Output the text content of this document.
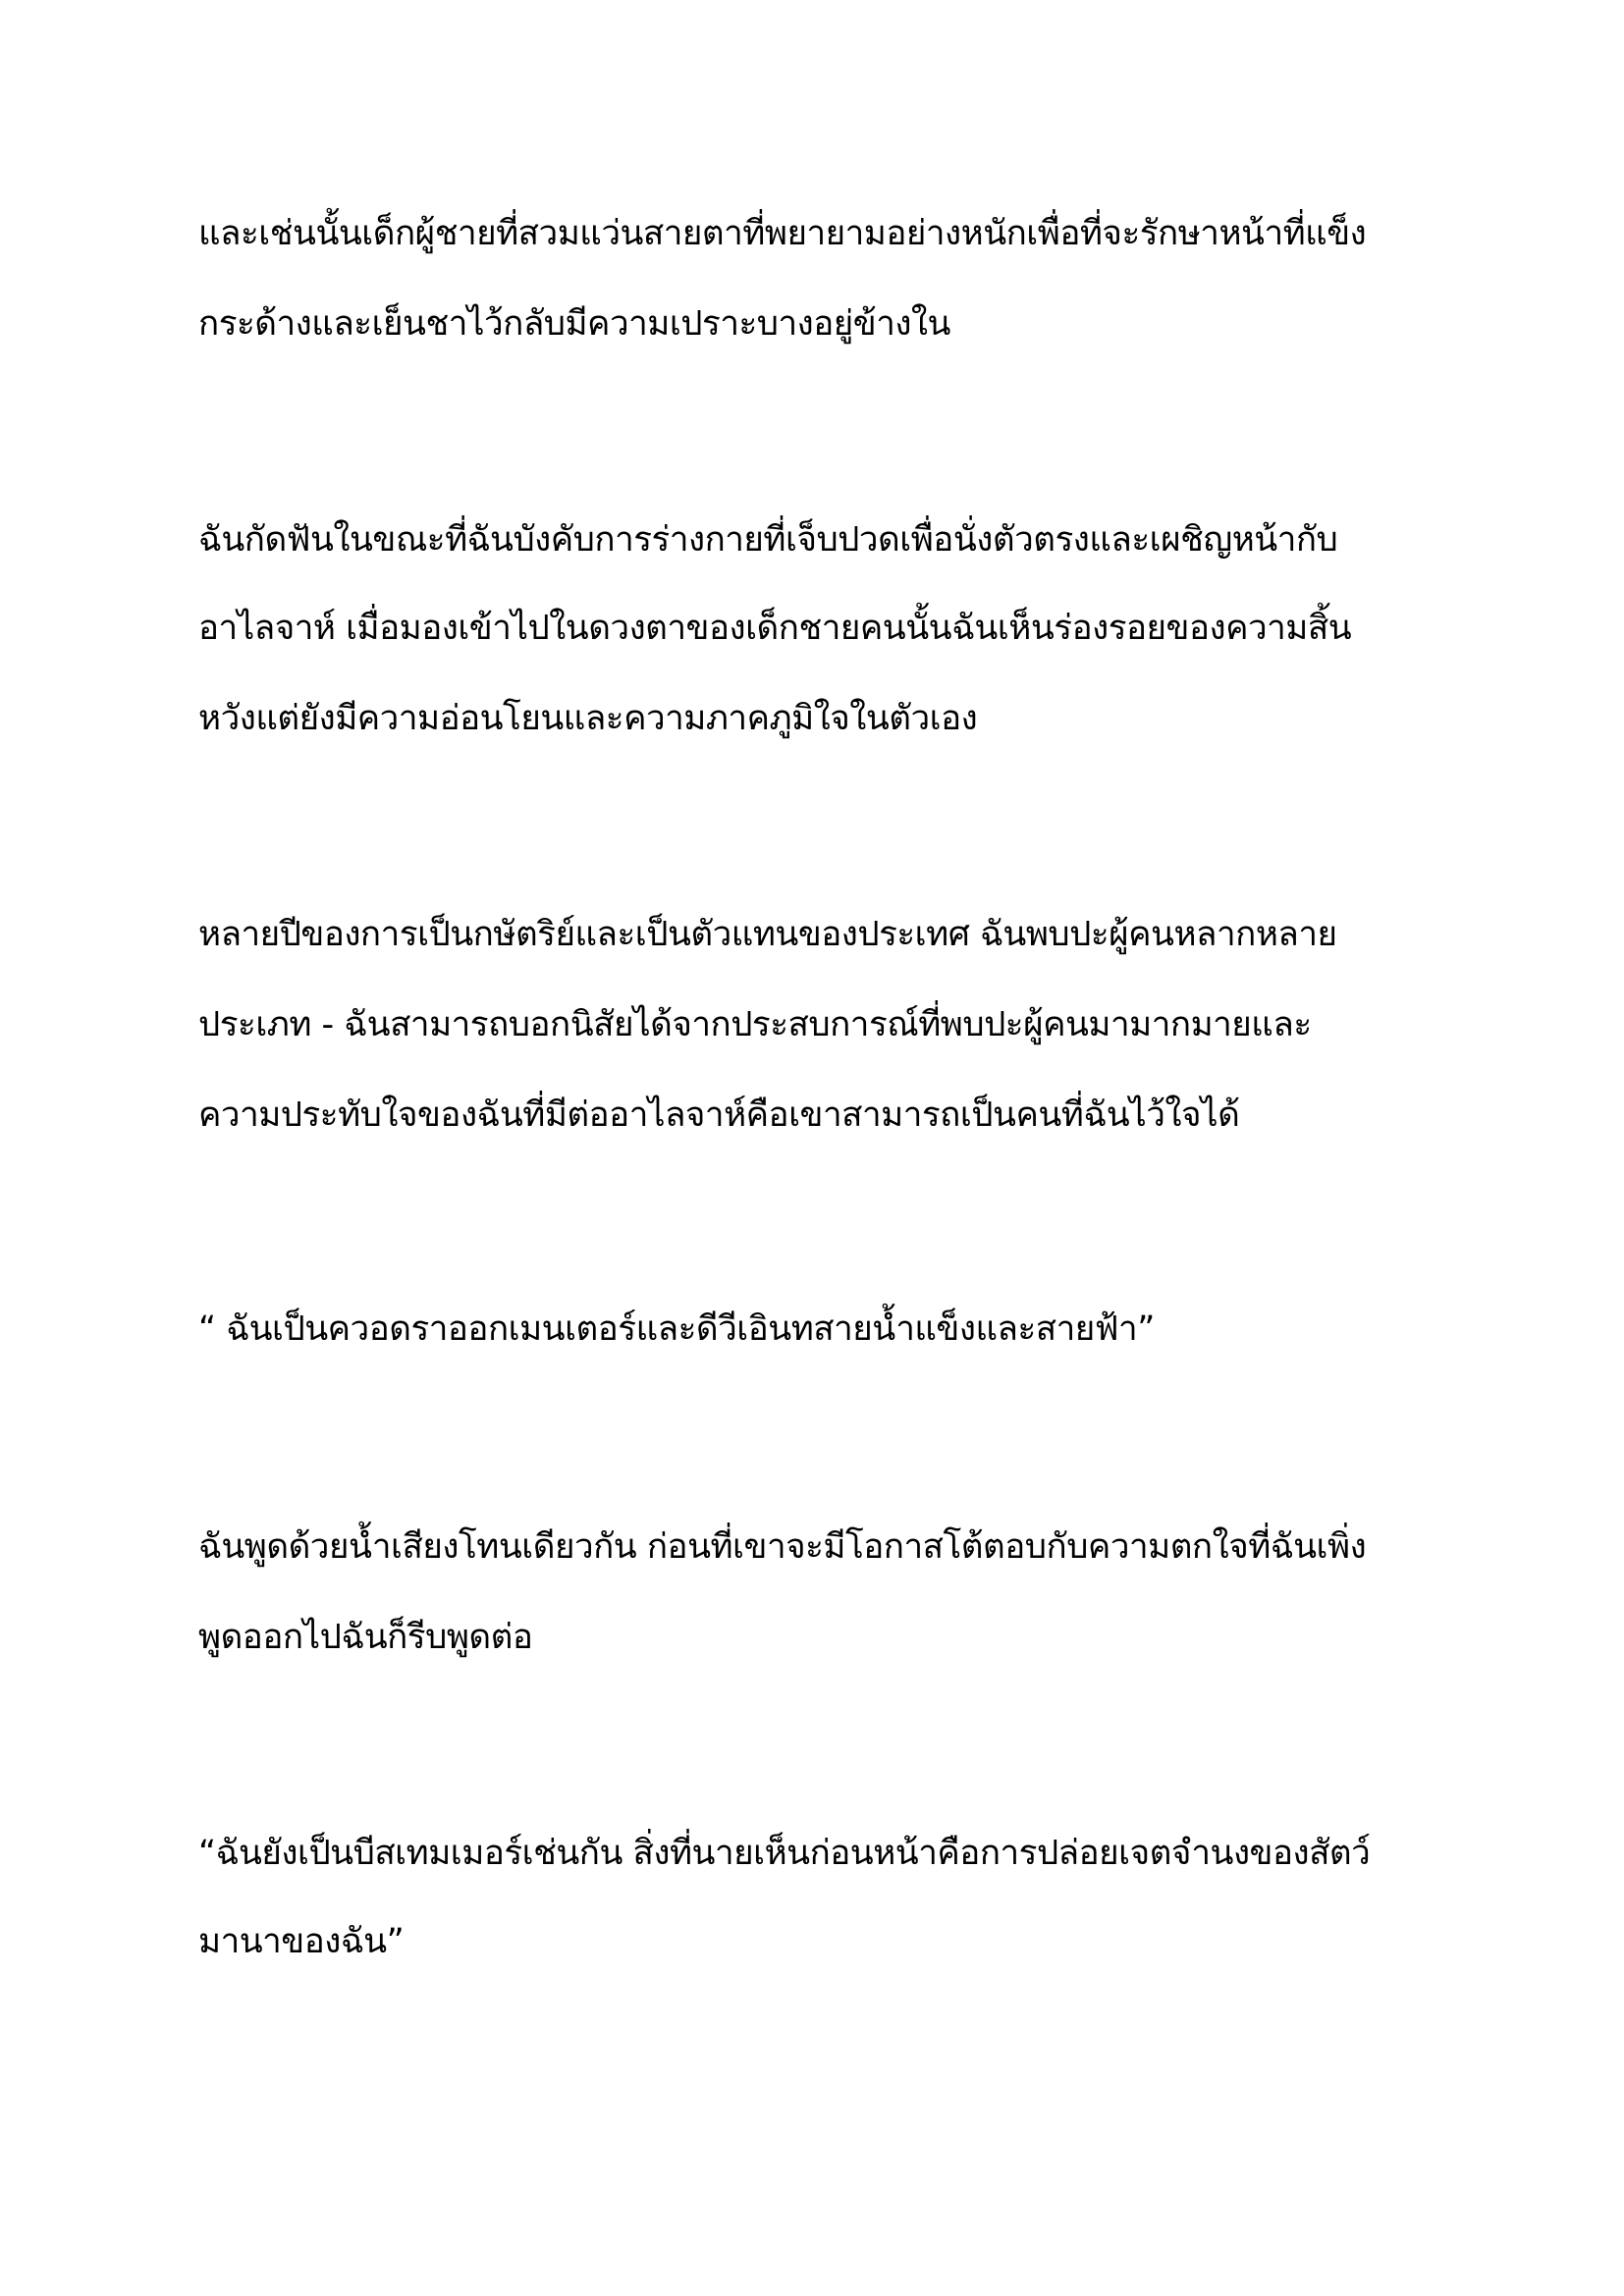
และเช่นนั้นเด็กผู้ชายที่สวมแว่นสายตาที่พยายามอย่างหนักเพื่อที่จะรักษาหน้าที่แข็ง
กระด้างและเย็นชาไว้กลับมีความเปราะบางอยู่ข้างใน
ฉันกัดฟันในขณะที่ฉันบังคับการร่างกายที่เจ็บปวดเพื่อนั่งตัวตรงและเผชิญหน้ากับ
อาไลจาห์ เมื่อมองเข้าไปในดวงตาของเด็กชายคนนั้นฉันเห็นร่องรอยของความสิ้น
หวังแต่ยังมีความอ่อนโยนและความภาคภูมิใจในตัวเอง
หลายปีของการเป็นกษัตริย์และเป็นตัวแทนของประเทศ ฉันพบปะผู้คนหลากหลาย
ประเภท - ฉันสามารถบอกนิสัยได้จากประสบการณ์ที่พบปะผู้คนมามากมายและ
ความประทับใจของฉันที่มีต่ออาไลจาห์คือเขาสามารถเป็นคนที่ฉันไว้ใจได้
“ ฉันเป็นควอดราออกเมนเตอร์และดีวีเอินทสายน้ำแข็งและสายฟ้า”
ฉันพูดด้วยน้ำเสียงโทนเดียวกัน ก่อนที่เขาจะมีโอกาสโต้ตอบกับความตกใจที่ฉันเพิ่ง
พูดออกไปฉันก็รีบพูดต่อ
“ฉันยังเป็นบีสเทมเมอร์เช่นกัน สิ่งที่นายเห็นก่อนหน้าคือการปล่อยเจตจำนงของสัตว์
มานาของฉัน”
